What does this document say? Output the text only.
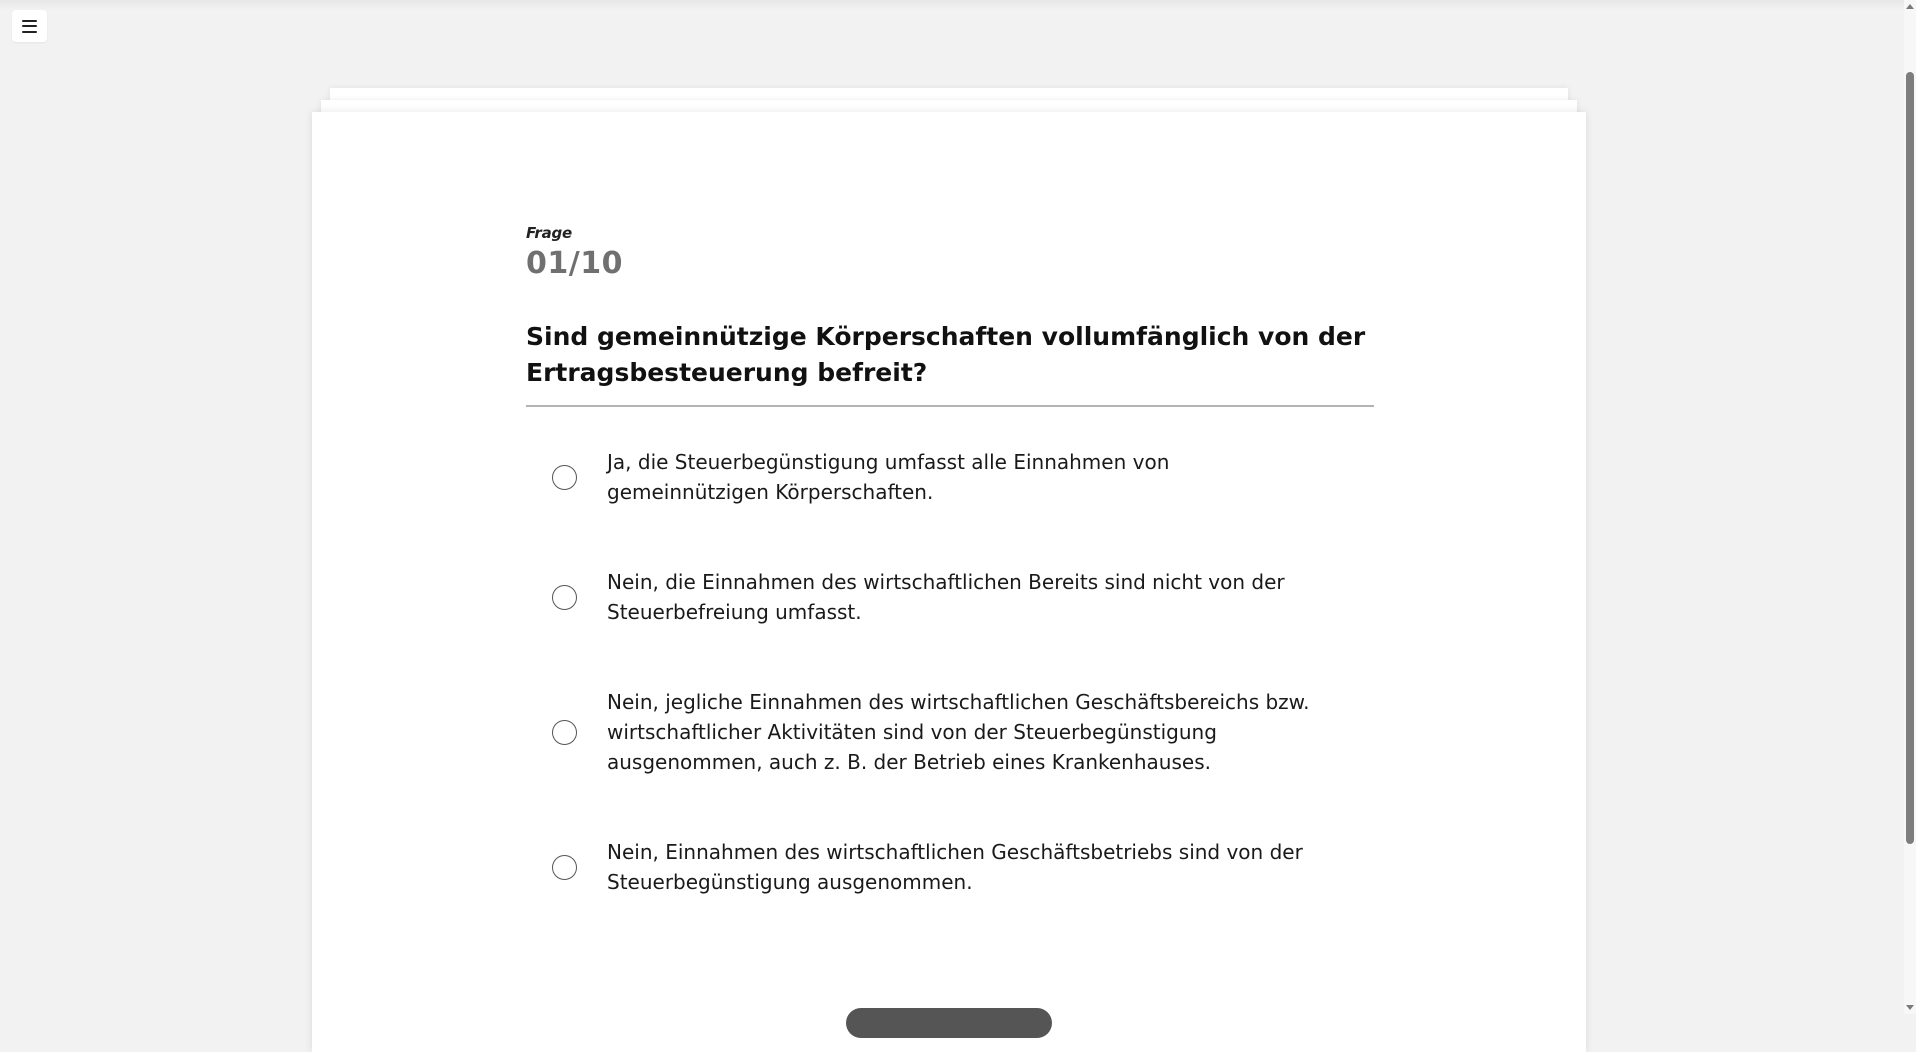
Frage
01/10
Sind gemeinnützige Körperschaften vollumfänglich von der Ertragsbesteuerung befreit?
Ja, die Steuerbegünstigung umfasst alle Einnahmen von gemeinnützigen Körperschaften.
Nein, die Einnahmen des wirtschaftlichen Bereits sind nicht von der Steuerbefreiung umfasst.
Nein, jegliche Einnahmen des wirtschaftlichen Geschäftsbereichs bzw. wirtschaftlicher Aktivitäten sind von der Steuerbegünstigung ausgenommen, auch z. B. der Betrieb eines Krankenhauses.
Nein, Einnahmen des wirtschaftlichen Geschäftsbetriebs sind von der Steuerbegünstigung ausgenommen.
